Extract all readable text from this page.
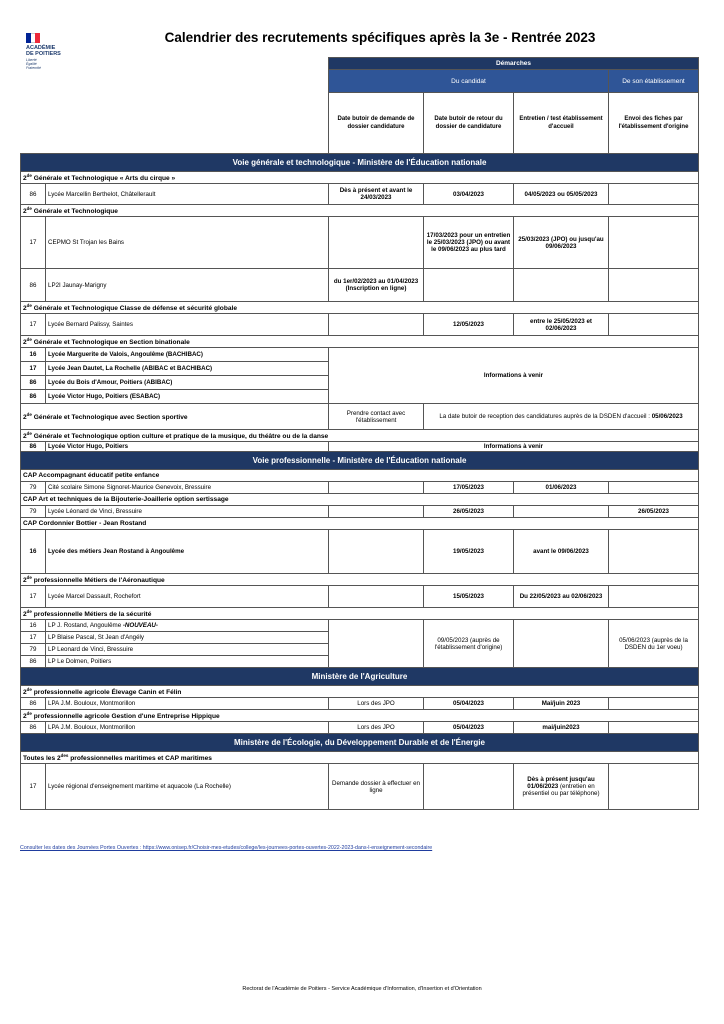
ACADÉMIE
DE POITIERS
Liberté
Égalité
Fraternité
Calendrier des recrutements spécifiques après la 3e - Rentrée 2023
		Démarches			
		Du candidat			De son établissement
		Date butoir de demande de dossier candidature	Date butoir de retour du dossier de candidature	Entretien / test établissement d'accueil	Envoi des fiches par l'établissement d'origine
Voie générale et technologique - Ministère de l'Éducation nationale					
2de Générale et Technologique « Arts du cirque »					
86	Lycée Marcellin Berthelot, Châtellerault	Dès à présent et avant le 24/03/2023	03/04/2023	04/05/2023 ou 05/05/2023	
2de Générale et Technologique					
17	CEPMO St Trojan les Bains		17/03/2023 pour un entretien le 25/03/2023 (JPO) ou avant le 09/06/2023 au plus tard	25/03/2023 (JPO) ou jusqu'au 09/06/2023	
86	LP2I Jaunay-Marigny	du 1er/02/2023 au 01/04/2023 (Inscription en ligne)			
2de Générale et Technologique Classe de défense et sécurité globale					
17	Lycée Bernard Palissy, Saintes		12/05/2023	entre le 25/05/2023 et 02/06/2023	
2de Générale et Technologique en Section binationale					
16	Lycée Marguerite de Valois, Angoulême (BACHIBAC)	Informations à venir			
17	Lycée Jean Dautet, La Rochelle (ABIBAC et BACHIBAC)				
86	Lycée du Bois d'Amour, Poitiers (ABIBAC)				
86	Lycée Victor Hugo, Poitiers (ESABAC)				
2de Générale et Technologique avec Section sportive		Prendre contact avec l'établissement	La date butoir de reception des candidatures auprès de la DSDEN d'accueil : 05/06/2023		
2de Générale et Technologique option culture et pratique de la musique, du théâtre ou de la danse					
86	Lycée Victor Hugo, Poitiers	Informations à venir			
Voie professionnelle - Ministère de l'Éducation nationale					
CAP Accompagnant éducatif petite enfance					
79	Cité scolaire Simone Signoret-Maurice Genevoix, Bressuire		17/05/2023	01/06/2023	
CAP Art et techniques de la Bijouterie-Joaillerie option sertissage					
79	Lycée Léonard de Vinci, Bressuire		26/05/2023		26/05/2023
CAP Cordonnier Bottier - Jean Rostand					
16	Lycée des métiers Jean Rostand à Angoulême		19/05/2023	avant le 09/06/2023	
2de professionnelle Métiers de l'Aéronautique					
17	Lycée Marcel Dassault, Rochefort		15/05/2023	Du 22/05/2023 au 02/06/2023	
2de professionnelle Métiers de la sécurité					
16	LP J. Rostand, Angoulême -NOUVEAU-		09/05/2023 (auprès de l'établissement d'origine)		05/06/2023 (auprès de la DSDEN du 1er voeu)
17	LP Blaise Pascal, St Jean d'Angély				
79	LP Leonard de Vinci, Bressuire				
86	LP Le Dolmen, Poitiers				
Ministère de l'Agriculture					
2de professionnelle agricole Élevage Canin et Félin					
86	LPA J.M. Bouloux, Montmorillon	Lors des JPO	05/04/2023	Mai/juin 2023	
2de professionnelle agricole Gestion d'une Entreprise Hippique					
86	LPA J.M. Bouloux, Montmorillon	Lors des JPO	05/04/2023	mai/juin2023	
Ministère de l'Écologie, du Développement Durable et de l'Énergie					
Toutes les $2^{des}$ professionnelles maritimes et CAP maritimes					
17	Lycée régional d'enseignement maritime et aquacole (La Rochelle)	Demande dossier à effectuer en ligne		Dès à présent jusqu'au 01/06/2023 (entretien en présentiel ou par téléphone)	
Consulter les dates des Journées Portes Ouvertes : https://www.onisep.fr/Choisir-mes-etudes/college/les-journees-portes-ouvertes-2022-2023-dans-l-enseignement-secondaire
Rectorat de l'Académie de Poitiers - Service Académique d'Information, d'Insertion et d'Orientation
